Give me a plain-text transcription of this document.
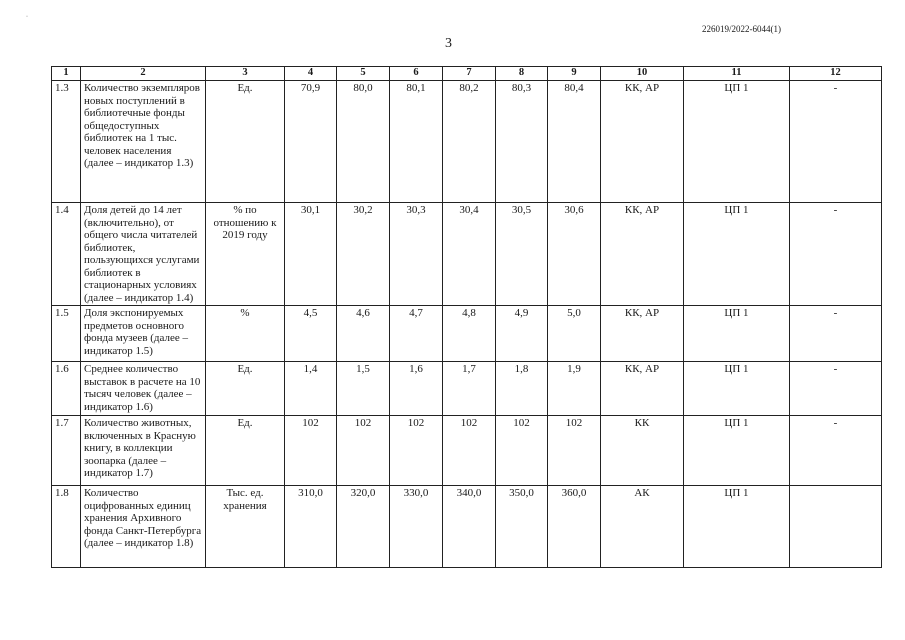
·
226019/2022-6044(1)
3
1	2	3	4	5	6	7	8	9	10	11	12
1.3	Количество экземпляров новых поступлений в библиотечные фонды общедоступных библиотек на 1 тыс. человек населения (далее – индикатор 1.3)	Ед.	70,9	80,0	80,1	80,2	80,3	80,4	КК, АР	ЦП 1	-
1.4	Доля детей до 14 лет (включительно), от общего числа читателей библиотек, пользующихся услугами библиотек в стационарных условиях (далее – индикатор 1.4)	% по отношению к 2019 году	30,1	30,2	30,3	30,4	30,5	30,6	КК, АР	ЦП 1	-
1.5	Доля экспонируемых предметов основного фонда музеев (далее – индикатор 1.5)	%	4,5	4,6	4,7	4,8	4,9	5,0	КК, АР	ЦП 1	-
1.6	Среднее количество выставок в расчете на 10 тысяч человек (далее – индикатор 1.6)	Ед.	1,4	1,5	1,6	1,7	1,8	1,9	КК, АР	ЦП 1	-
1.7	Количество животных, включенных в Красную книгу, в коллекции зоопарка (далее – индикатор 1.7)	Ед.	102	102	102	102	102	102	КК	ЦП 1	-
1.8	Количество оцифрованных единиц хранения Архивного фонда Санкт-Петербурга (далее – индикатор 1.8)	Тыс. ед. хранения	310,0	320,0	330,0	340,0	350,0	360,0	АК	ЦП 1	
